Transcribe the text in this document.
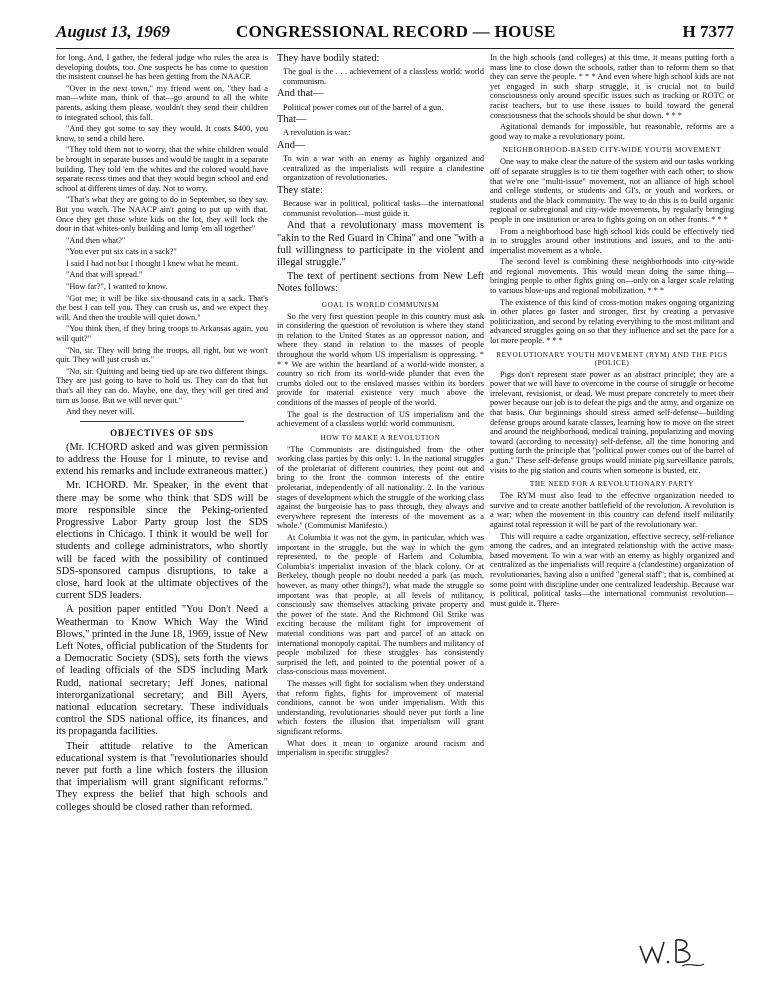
August 13, 1969	CONGRESSIONAL RECORD — HOUSE	H 7377

for long. And, I gather, the federal judge who rules the area is developing doubts, too. One suspects he has come to question the insistent counsel he has been getting from the NAACP.

"Over in the next town," my friend went on, "they had a man—white man, think of that—go around to all the white parents, asking them please, wouldn't they send their children to integrated school, this fall.

"And they got some to say they would. It costs $400, you know, to send a child here.

"They told them not to worry, that the white children would be brought in separate busses and would be taught in a separate building. They told 'em the whites and the colored would have separate recess times and that they would begin school and end school at different times of day. Not to worry.

"That's what they are going to do in September, so they say. But you watch. The NAACP ain't going to put up with that. Once they get those white kids on the lot, they will lock the door in that whites-only building and lump 'em all together"

"And then what?"

"You ever put six cats in a sack?"

I said I had not but I thought I knew what he meant.

"And that will spread."

"How far?", I wanted to know.

"Got me; it will be like six-thousand cats in a sack. That's the best I can tell you. They can crush us, and we expect they will. And then the trouble will quiet down."

"You think then, if they bring troops to Arkansas again, you will quit?"

"No, sir. They will bring the troops, all right, but we won't quit. They will just crush us."

"No, sir. Quitting and being tied up are two different things. They are just going to have to hold us. They can do that but that's all they can do. Maybe, one day, they will get tired and turn us loose. But we will never quit."

And they never will.

OBJECTIVES OF SDS

(Mr. ICHORD asked and was given permission to address the House for 1 minute, to revise and extend his remarks and include extraneous matter.)

Mr. ICHORD. Mr. Speaker, in the event that there may be some who think that SDS will be more responsible since the Peking-oriented Progressive Labor Party group lost the SDS elections in Chicago. I think it would be well for students and college administrators, who shortly will be faced with the possibility of continued SDS-sponsored campus disruptions, to take a close, hard look at the ultimate objectives of the current SDS leaders.

A position paper entitled "You Don't Need a Weatherman to Know Which Way the Wind Blows," printed in the June 18, 1969, issue of New Left Notes, official publication of the Students for a Democratic Society (SDS), sets forth the views of leading officials of the SDS including Mark Rudd, national secretary; Jeff Jones, national interorganizational secretary; and Bill Ayers, national education secretary. These individuals control the SDS national office, its finances, and its propaganda facilities.

Their attitude relative to the American educational system is that "revolutionaries should never put forth a line which fosters the illusion that imperialism will grant significant reforms." They express the belief that high schools and colleges should be closed rather than reformed.

They have bodily stated:

The goal is the . . . achievement of a classless world: world communism.

And that—

Political power comes out of the barrel of a gun.

That—

A revolution is war.:

And—

To win a war with an enemy as highly organized and centralized as the imperialists will require a clandestine organization of revolutionaries.

They state:

Because war in political, political tasks—the international communist revolution—must guide it.

And that a revolutionary mass movement is "akin to the Red Guard in China" and one "with a full willingness to participate in the violent and illegal struggle."

The text of pertinent sections from New Left Notes follows:

GOAL IS WORLD COMMUNISM

So the very first question people in this country must ask in considering the question of revolution is where they stand in relation to the United States as an oppressor nation, and where they stand in relation to the masses of people throughout the world whom US imperialism is oppressing. * * * We are within the heartland of a world-wide monster, a country so rich from its world-wide plunder that even the crumbs doled out to the enslaved masses within its borders provide for material existence very much above the conditions of the masses of people of the world.

The goal is the destruction of US imperialism and the achievement of a classless world: world communism.

HOW TO MAKE A REVOLUTION

"The Communists are distinguished from the other working class parties by this only: 1. In the national struggles of the proletariat of different countries, they point out and bring to the front the common interests of the entire proletariat, independently of all nationality. 2. In the various stages of development which the struggle of the working class against the burgeoisie has to pass through, they always and everywhere represent the interests of the movement as a whole." (Communist Manifesto.)

At Columbia it was not the gym, in particular, which was important in the struggle, but the way in which the gym represented, to the people of Harlem and Columbia, Columbia's imperialist invasion of the black colony. Or at Berkeley, though people no doubt needed a park (as much, however, as many other things?), what made the struggle so important was that people, at all levels of militancy, consciously saw themselves attacking private property and the power of the state. And the Richmond Oil Strike was exciting because the militant fight for improvement of material conditions was part and parcel of an attack on international monopoly capital. The numbers and militancy of people mobilized for these struggles has consistently surprised the left, and pointed to the potential power of a class-conscious mass movement.

The masses will fight for socialism when they understand that reform fights, fights for improvement of material conditions, cannot be won under imperialism. With this understanding, revolutionaries should never put forth a line which fosters the illusion that imperialism will grant significant reforms.

What does it mean to organize around racism and imperialism in specific struggles?

In the high schools (and colleges) at this time, it means putting forth a mass line to close down the schools, rather than to reform them so that they can serve the people. * * * And even where high school kids are not yet engaged in such sharp struggle, it is crucial not to build consciousness only around specific issues such as tracking or ROTC or racist teachers, but to use these issues to build toward the general consciousness that the schools should be shut down. * * *

Agitational demands for impossible, but reasonable, reforms are a good way to make a revolutionary point.

NEIGHBORHOOD-BASED CITY-WIDE YOUTH MOVEMENT

One way to make clear the nature of the system and our tasks working off of separate struggles is to tie them together with each other; to show that we're one "multi-issue" movement, not an alliance of high school and college students, or students and GI's, or youth and workers, or students and the black community. The way to do this is to build organic regional or subregional and city-wide movements, by regularly bringing people in one institution or area to fights going on on other fronts. * * *

From a neighborhood base high school kids could be effectively tied in to struggles around other institutions and issues, and to the anti-imperialist movement as a whole.

The second level is combining these neighborhoods into city-wide and regional movements. This would mean doing the same thing—bringing people to other fights going on—only on a larger scale relating to various blow-ups and regional mobilization. * * *

The existence of this kind of cross-motion makes ongoing organizing in other places go faster and stronger, first by creating a pervasive politicization, and second by relating everything to the most militant and advanced struggles going on so that they influence and set the pace for a lot more people. * * *

REVOLUTIONARY YOUTH MOVEMENT (RYM) AND THE PIGS (POLICE)

Pigs don't represent state power as an abstract principle; they are a power that we will have to overcome in the course of struggle or become irrelevant, revisionist, or dead. We must prepare concretely to meet their power because our job is to defeat the pigs and the army, and organize on that basis. Our beginnings should stress armed self-defense—building defense groups around karate classes, learning how to move on the street and around the neighborhood, medical training, popularizing and moving toward (according to necessity) self-defense, all the time honoring and putting forth the principle that "political power comes out of the barrel of a gun." These self-defense groups would initiate pig surveillance patrols, visits to the pig station and courts when someone is busted, etc.

THE NEED FOR A REVOLUTIONARY PARTY

The RYM must also lead to the effective organization needed to survive and to create another battlefield of the revolution. A revolution is a war; when the movement in this country can defend itself militarily against total repression it will be part of the revolutionary war.

This will require a cadre organization, effective secrecy, self-reliance among the cadres, and an integrated relationship with the active mass-based movement. To win a war with an enemy as highly organized and centralized as the imperialists will require a (clandestine) organization of revolutionaries, having also a unified "general staff"; that is, combined at some point with discipline under one centralized leadership. Because war is political, political tasks—the international communist revolution—must guide it. There-
